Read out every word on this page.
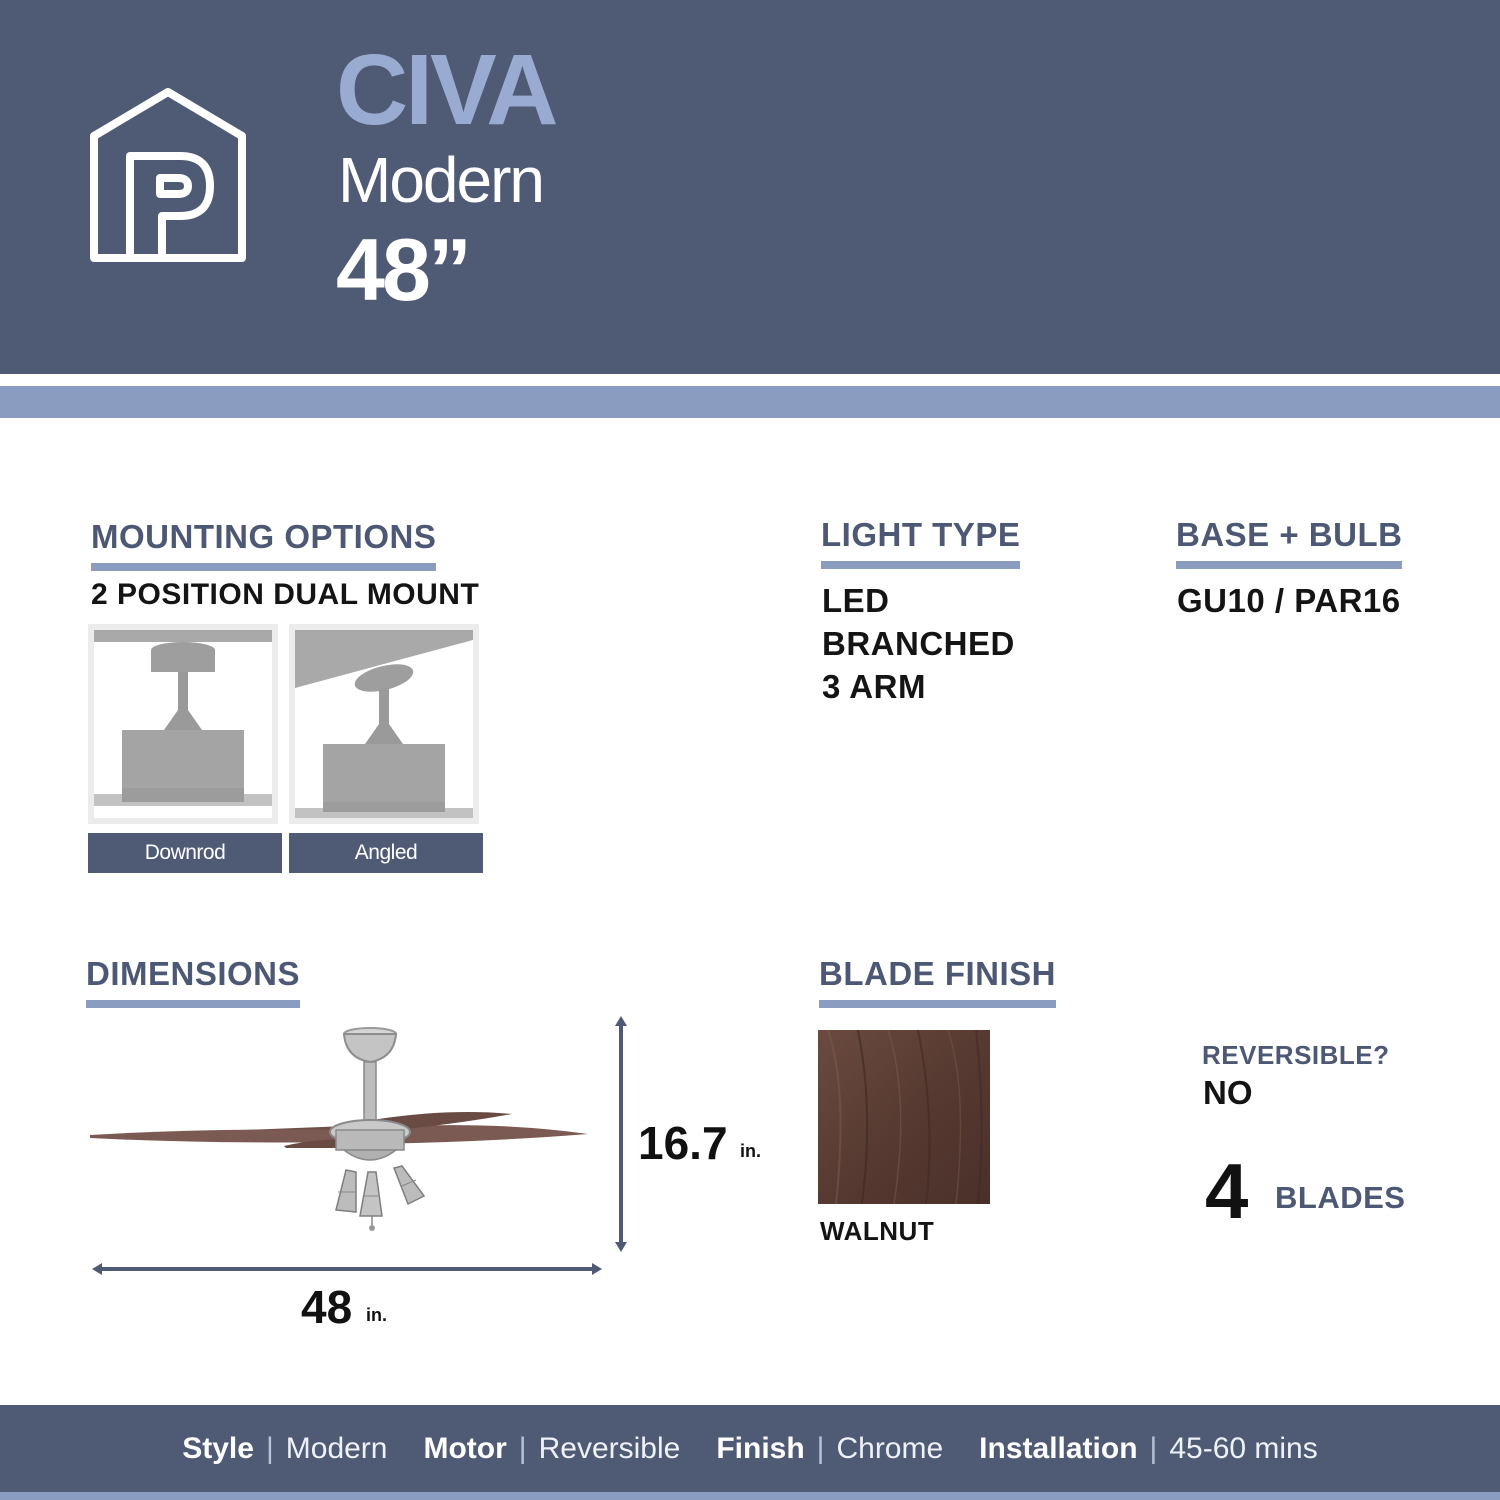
CIVA
Modern
48”
MOUNTING OPTIONS
2 POSITION DUAL MOUNT
Downrod	Angled
LIGHT TYPE
LED
BRANCHED
3 ARM
BASE + BULB
GU10 / PAR16
DIMENSIONS
16.7 in.
48 in.
BLADE FINISH
WALNUT
REVERSIBLE?
NO
4 BLADES
Style | Modern Motor | Reversible Finish | Chrome Installation | 45-60 mins
